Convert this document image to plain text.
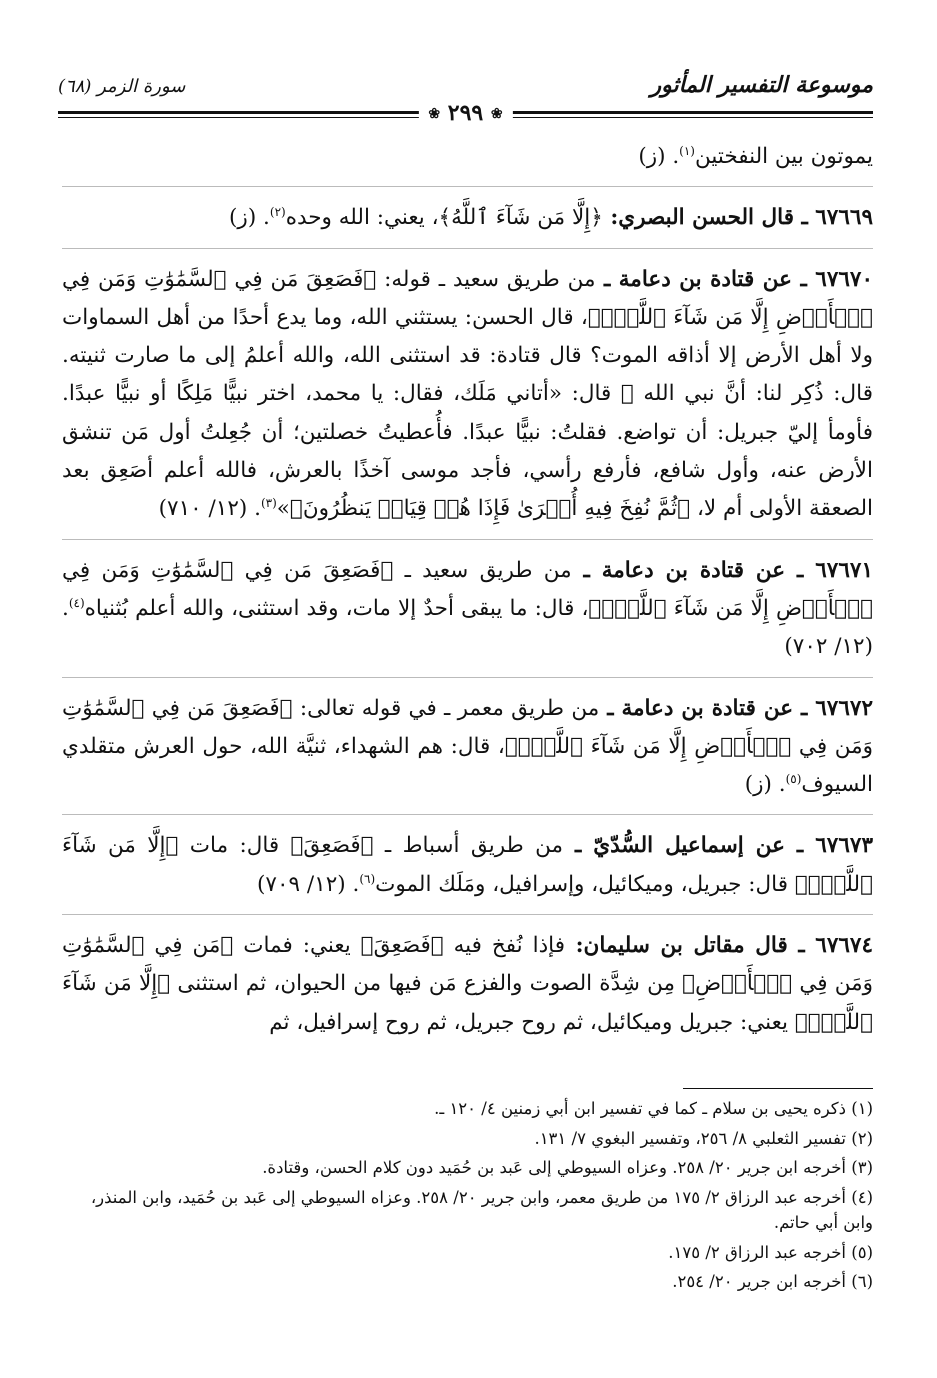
موسوعة التفسير المأثور
❀ ٢٩٩ ❀
سورة الزمر (٦٨)

يموتون بين النفختين$^{(١)}$. (ز)

٦٧٦٦٩ ـ قال الحسن البصري: ﴿إِلَّا مَن شَآءَ ٱللَّهُ﴾، يعني: الله وحده$^{(٢)}$. (ز)

٦٧٦٧٠ ـ عن قتادة بن دعامة ـ من طريق سعيد ـ قوله: ﴿فَصَعِقَ مَن فِي ٱلسَّمَٰوَٰتِ وَمَن فِي ٱلۡأَرۡضِ إِلَّا مَن شَآءَ ٱللَّهُۖ﴾، قال الحسن: يستثني الله، وما يدع أحدًا من أهل السماوات ولا أهل الأرض إلا أذاقه الموت؟ قال قتادة: قد استثنى الله، والله أعلمُ إلى ما صارت ثنيته. قال: ذُكِر لنا: أنَّ نبي الله ﷺ قال: «أتاني مَلَك، فقال: يا محمد، اختر نبيًّا مَلِكًا أو نبيًّا عبدًا. فأومأ إليّ جبريل: أن تواضع. فقلتُ: نبيًّا عبدًا. فأُعطيتُ خصلتين؛ أن جُعِلتُ أول مَن تنشق الأرض عنه، وأول شافع، فأرفع رأسي، فأجد موسى آخذًا بالعرش، فالله أعلم أصَعِق بعد الصعقة الأولى أم لا، ﴿ثُمَّ نُفِخَ فِيهِ أُخۡرَىٰ فَإِذَا هُمۡ قِيَامٞ يَنظُرُونَ﴾»$^{(٣)}$. (١٢/ ٧١٠)

٦٧٦٧١ ـ عن قتادة بن دعامة ـ من طريق سعيد ـ ﴿فَصَعِقَ مَن فِي ٱلسَّمَٰوَٰتِ وَمَن فِي ٱلۡأَرۡضِ إِلَّا مَن شَآءَ ٱللَّهُۖ﴾، قال: ما يبقى أحدٌ إلا مات، وقد استثنى، والله أعلم بُثنياه$^{(٤)}$. (١٢/ ٧٠٢)

٦٧٦٧٢ ـ عن قتادة بن دعامة ـ من طريق معمر ـ في قوله تعالى: ﴿فَصَعِقَ مَن فِي ٱلسَّمَٰوَٰتِ وَمَن فِي ٱلۡأَرۡضِ إِلَّا مَن شَآءَ ٱللَّهُۖ﴾، قال: هم الشهداء، ثنيَّة الله، حول العرش متقلدي السيوف$^{(٥)}$. (ز)

٦٧٦٧٣ ـ عن إسماعيل السُّدّيّ ـ من طريق أسباط ـ ﴿فَصَعِقَ﴾ قال: مات ﴿إِلَّا مَن شَآءَ ٱللَّهُۖ﴾ قال: جبريل، وميكائيل، وإسرافيل، ومَلَك الموت$^{(٦)}$. (١٢/ ٧٠٩)

٦٧٦٧٤ ـ قال مقاتل بن سليمان: فإذا نُفخ فيه ﴿فَصَعِقَ﴾ يعني: فمات ﴿مَن فِي ٱلسَّمَٰوَٰتِ وَمَن فِي ٱلۡأَرۡضِ﴾ مِن شِدَّة الصوت والفزع مَن فيها من الحيوان، ثم استثنى ﴿إِلَّا مَن شَآءَ ٱللَّهُۖ﴾ يعني: جبريل وميكائيل، ثم روح جبريل، ثم روح إسرافيل، ثم

(١) ذكره يحيى بن سلام ـ كما في تفسير ابن أبي زمنين ٤/ ١٢٠ ـ.

(٢) تفسير الثعلبي ٨/ ٢٥٦، وتفسير البغوي ٧/ ١٣١.

(٣) أخرجه ابن جرير ٢٠/ ٢٥٨. وعزاه السيوطي إلى عَبد بن حُمَيد دون كلام الحسن، وقتادة.

(٤) أخرجه عبد الرزاق ٢/ ١٧٥ من طريق معمر، وابن جرير ٢٠/ ٢٥٨. وعزاه السيوطي إلى عَبد بن حُمَيد، وابن المنذر، وابن أبي حاتم.

(٥) أخرجه عبد الرزاق ٢/ ١٧٥.

(٦) أخرجه ابن جرير ٢٠/ ٢٥٤.
